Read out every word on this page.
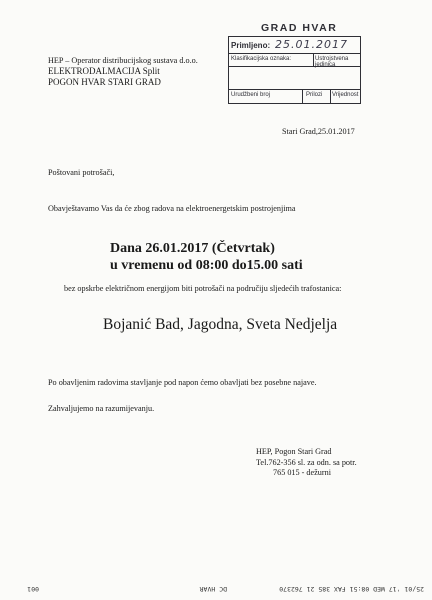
HEP – Operator distribucijskog sustava d.o.o.
ELEKTRODALMACIJA Split
POGON HVAR STARI GRAD
GRAD HVAR
Primljeno: 25.01.2017
Klasifikacijska oznaka:	Ustrojstvena jedinica
Urudžbeni broj	Prilozi Vrijednost
Stari Grad,25.01.2017
Poštovani potrošači,
Obavještavamo Vas da će zbog radova na elektroenergetskim postrojenjima
Dana 26.01.2017 (Četvrtak)
u vremenu od 08:00 do15.00 sati
bez opskrbe električnom energijom biti potrošači na područiju sljedećih trafostanica:
Bojanić Bad, Jagodna, Sveta Nedjelja
Po obavljenim radovima stavljanje pod napon ćemo obavljati bez posebne najave.
Zahvaljujemo na razumijevanju.
HEP, Pogon Stari Grad
Tel.762-356 sl. za odn. sa potr.
765 015 - dežurni
25/01 '17 WED 08:51 FAX 385 21 762370
DC HVAR
001
